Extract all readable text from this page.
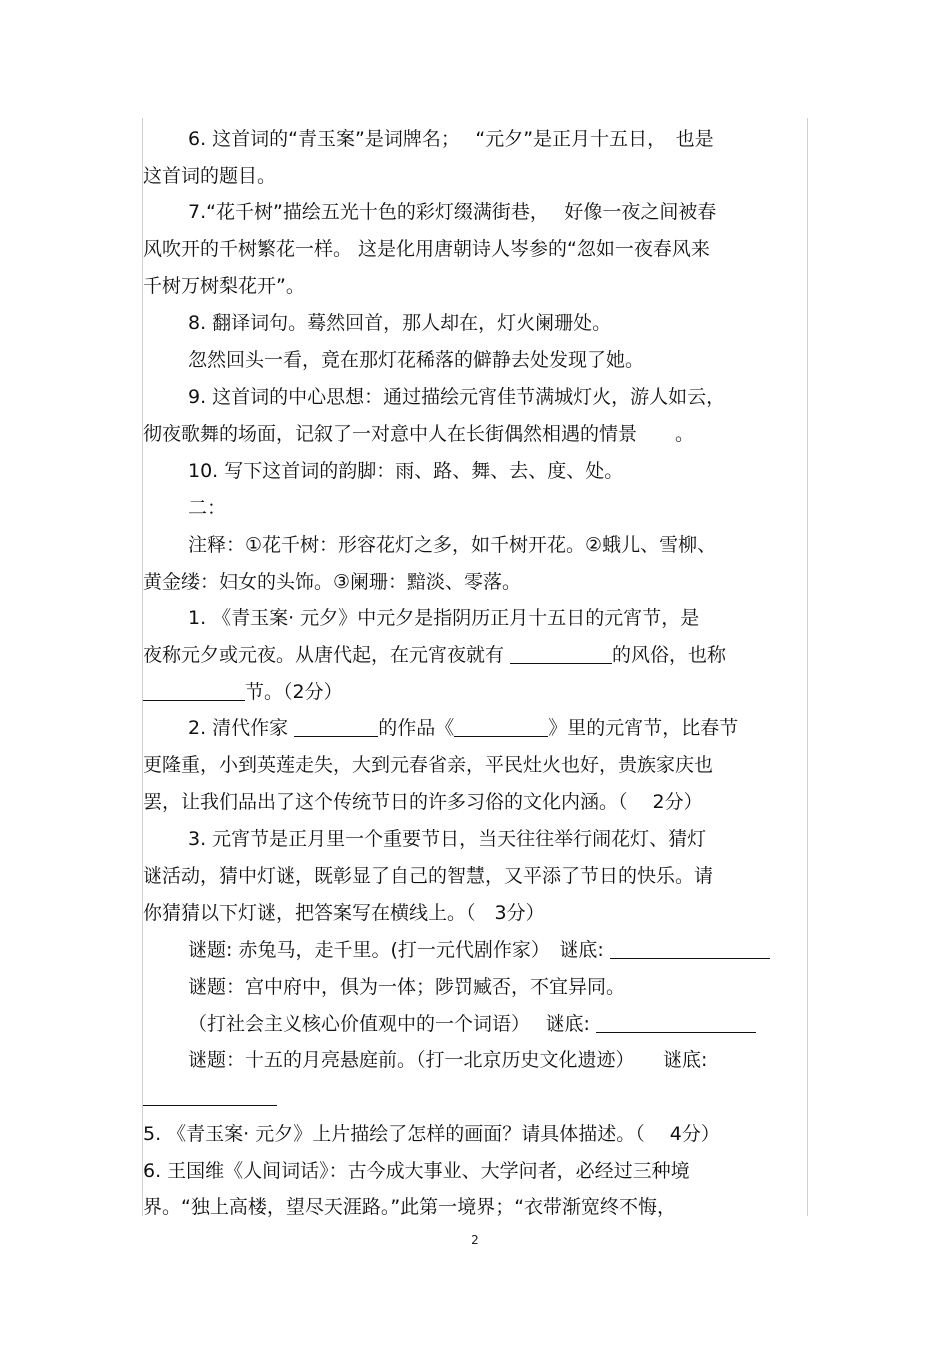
6. 这首词的“青玉案”是词牌名；　 “元夕”是正月十五日，　也是
这首词的题目。
7.“花千树”描绘五光十色的彩灯缀满街巷，　 好像一夜之间被春
风吹开的千树繁花一样。 这是化用唐朝诗人岑参的“忽如一夜春风来
千树万树梨花开”。
8. 翻译词句。蓦然回首，那人却在，灯火阑珊处。
忽然回头一看，竟在那灯花稀落的僻静去处发现了她。
9. 这首词的中心思想：通过描绘元宵佳节满城灯火，游人如云，
彻夜歌舞的场面，记叙了一对意中人在长街偶然相遇的情景　　。
10. 写下这首词的韵脚：雨、路、舞、去、度、处。
二：
注释：①花千树：形容花灯之多，如千树开花。②蛾儿、雪柳、
黄金缕：妇女的头饰。③阑珊：黯淡、零落。
1. 《青玉案· 元夕》中元夕是指阴历正月十五日的元宵节，是
夜称元夕或元夜。从唐代起，在元宵夜就有	的风俗，也称
节。（2分）
2. 清代作家	的作品《	》里的元宵节，比春节
更隆重，小到英莲走失，大到元春省亲，平民灶火也好，贵族家庆也
罢，让我们品出了这个传统节日的许多习俗的文化内涵。（　 2分）
3. 元宵节是正月里一个重要节日，当天往往举行闹花灯、猜灯
谜活动，猜中灯谜，既彰显了自己的智慧，又平添了节日的快乐。请
你猜猜以下灯谜，把答案写在横线上。（　3分）
谜题: 赤兔马，走千里。(打一元代剧作家）　谜底:
谜题：宫中府中，俱为一体；陟罚臧否，不宜异同。
（打社会主义核心价值观中的一个词语）　 谜底:
谜题：十五的月亮悬庭前。（打一北京历史文化遗迹）　　谜底:
5. 《青玉案· 元夕》上片描绘了怎样的画面？请具体描述。（　 4分）
6. 王国维《人间词话》：古今成大事业、大学问者，必经过三种境
界。“独上高楼，望尽天涯路。”此第一境界；“衣带渐宽终不悔，
2
